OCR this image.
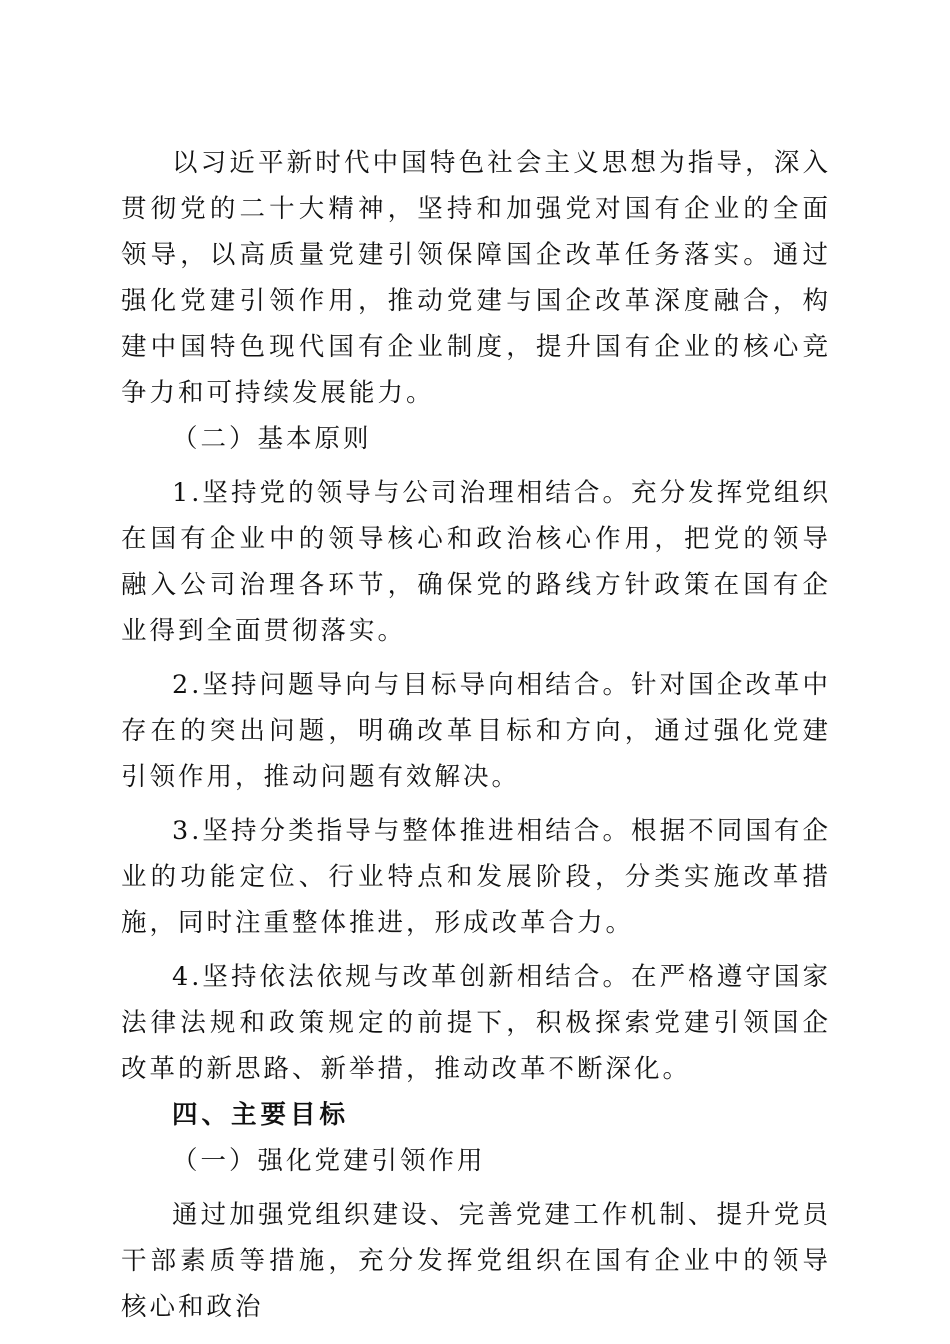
以习近平新时代中国特色社会主义思想为指导，深入贯彻党的二十大精神，坚持和加强党对国有企业的全面领导，以高质量党建引领保障国企改革任务落实。通过强化党建引领作用，推动党建与国企改革深度融合，构建中国特色现代国有企业制度，提升国有企业的核心竞争力和可持续发展能力。

（二）基本原则

1.坚持党的领导与公司治理相结合。充分发挥党组织在国有企业中的领导核心和政治核心作用，把党的领导融入公司治理各环节，确保党的路线方针政策在国有企业得到全面贯彻落实。

2.坚持问题导向与目标导向相结合。针对国企改革中存在的突出问题，明确改革目标和方向，通过强化党建引领作用，推动问题有效解决。

3.坚持分类指导与整体推进相结合。根据不同国有企业的功能定位、行业特点和发展阶段，分类实施改革措施，同时注重整体推进，形成改革合力。

4.坚持依法依规与改革创新相结合。在严格遵守国家法律法规和政策规定的前提下，积极探索党建引领国企改革的新思路、新举措，推动改革不断深化。

四、主要目标

（一）强化党建引领作用

通过加强党组织建设、完善党建工作机制、提升党员干部素质等措施，充分发挥党组织在国有企业中的领导核心和政治
